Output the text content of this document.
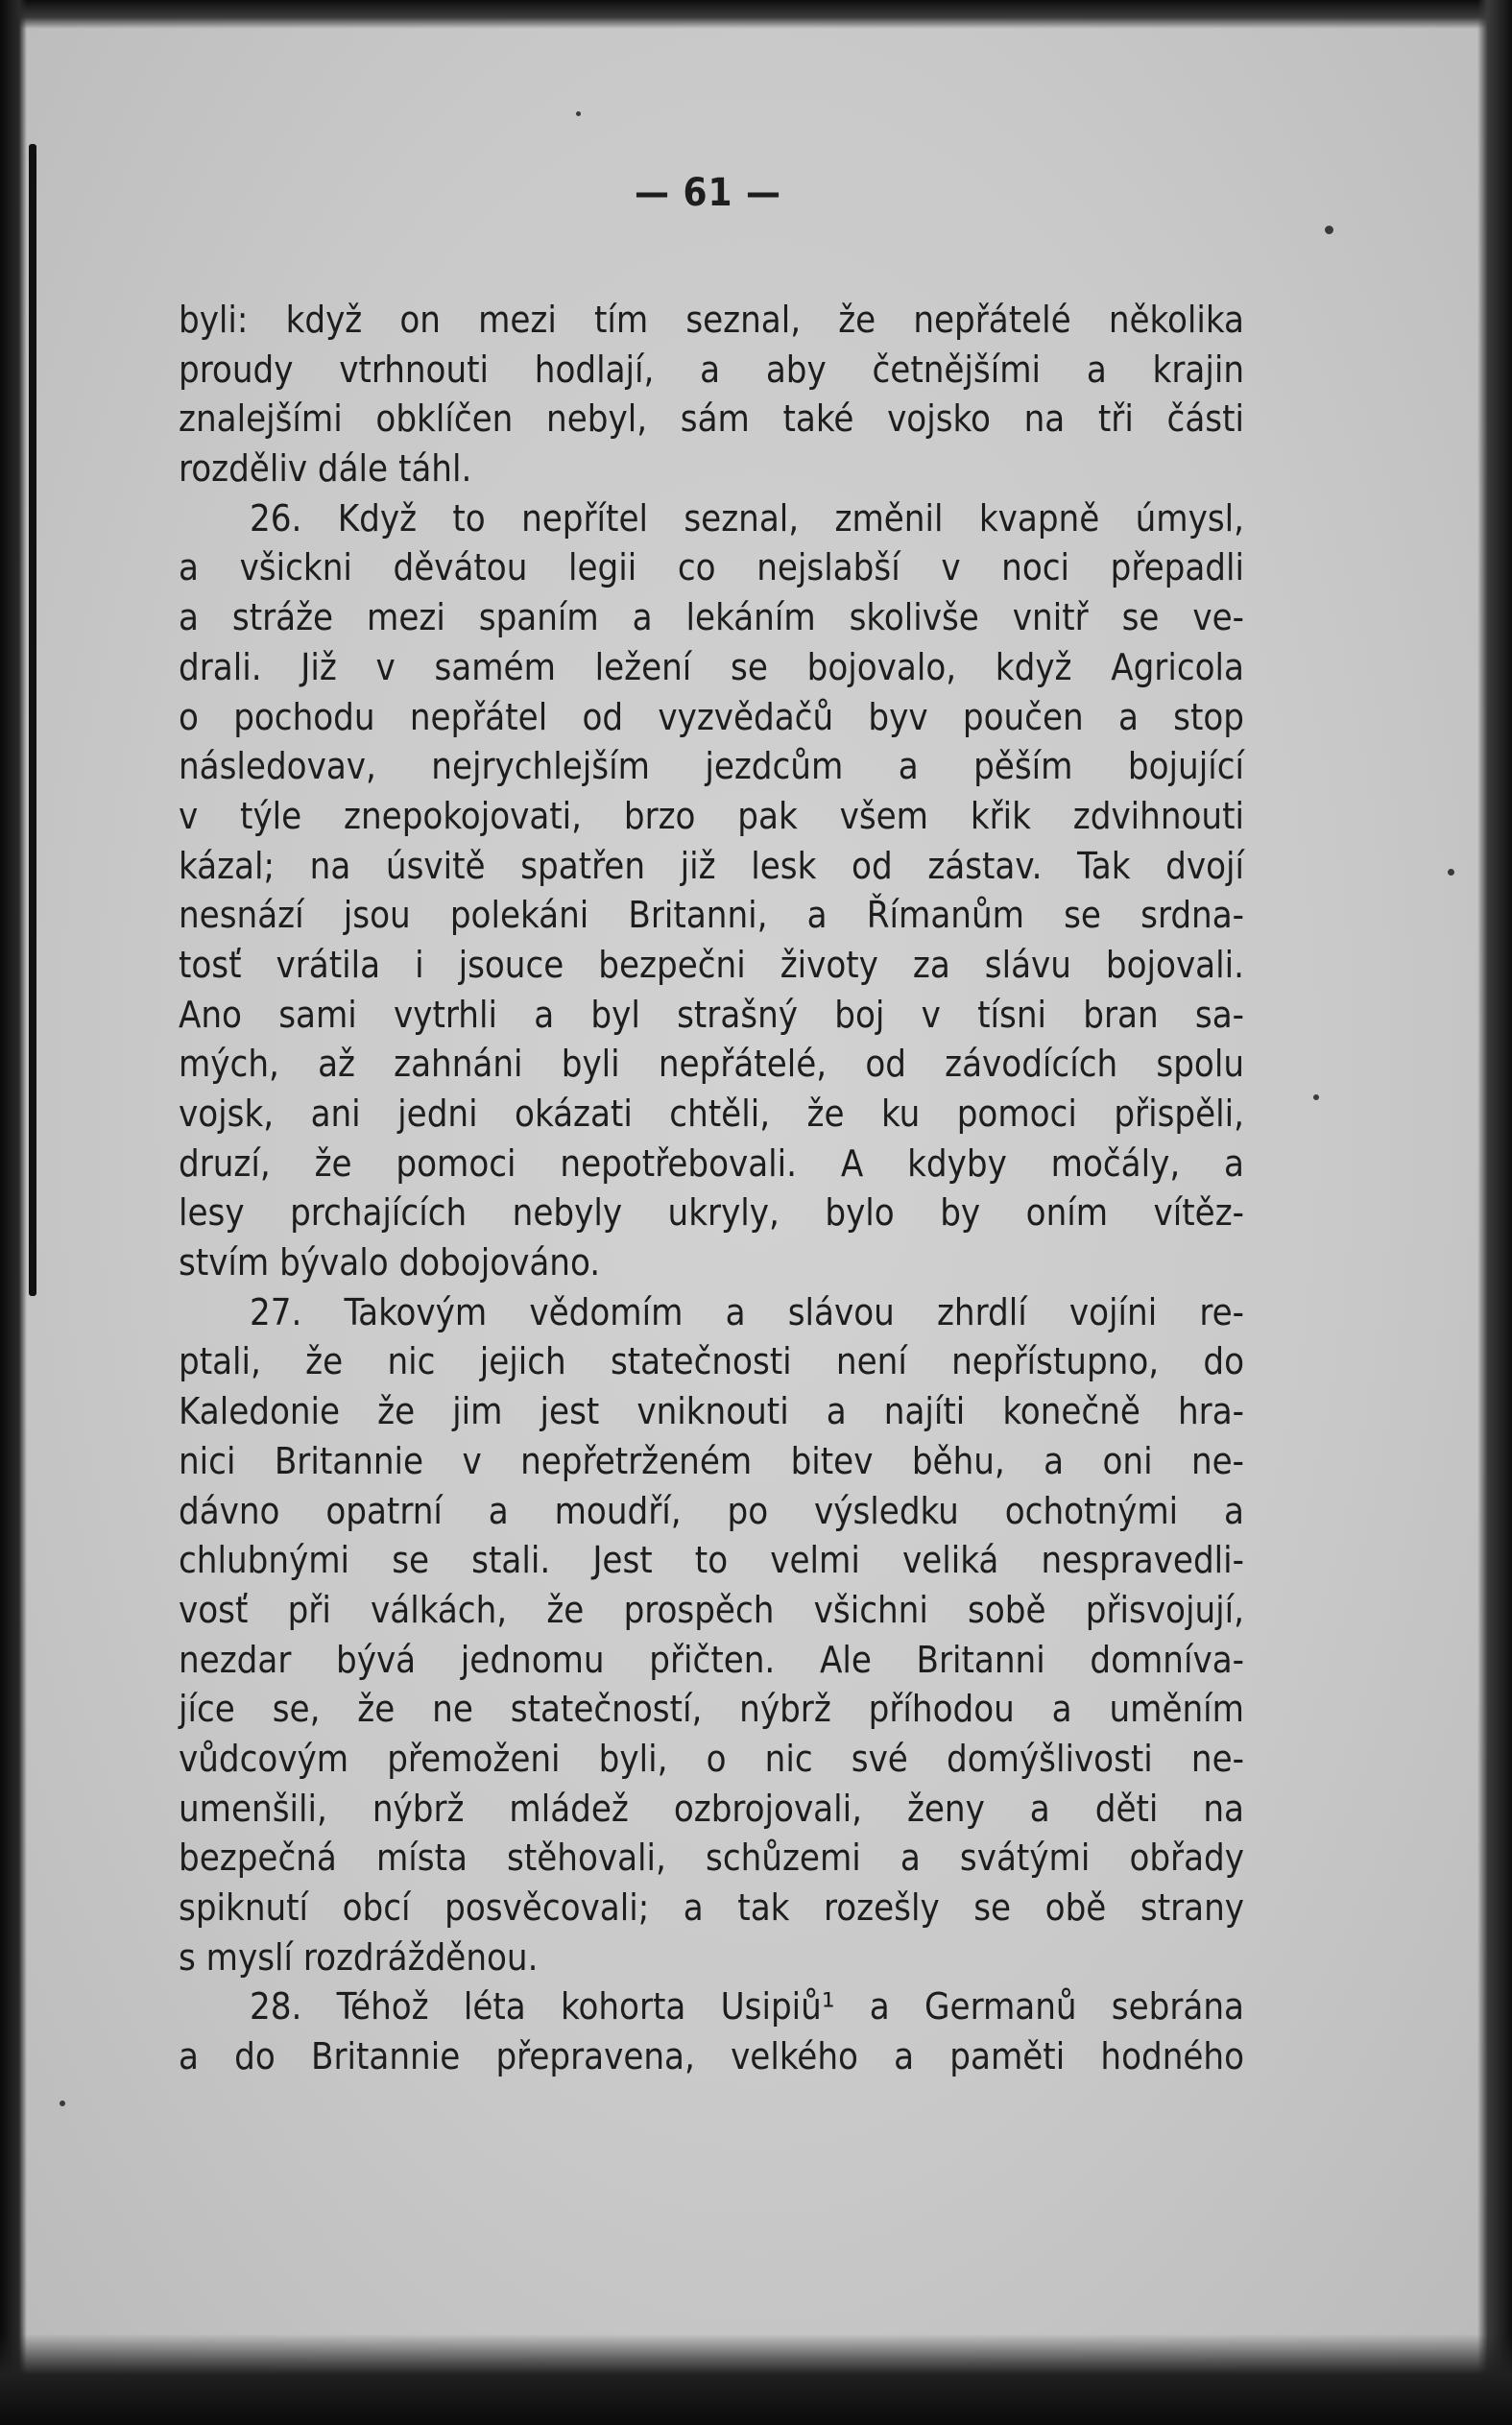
— 61 —
byli: když on mezi tím seznal, že nepřátelé několika
proudy vtrhnouti hodlají, a aby četnějšími a krajin
znalejšími obklíčen nebyl, sám také vojsko na tři části
rozděliv dále táhl.
26. Když to nepřítel seznal, změnil kvapně úmysl,
a všickni děvátou legii co nejslabší v noci přepadli
a stráže mezi spaním a lekáním skolivše vnitř se ve-
drali. Již v samém ležení se bojovalo, když Agricola
o pochodu nepřátel od vyzvědačů byv poučen a stop
následovav, nejrychlejším jezdcům a pěším bojující
v týle znepokojovati, brzo pak všem křik zdvihnouti
kázal; na úsvitě spatřen již lesk od zástav. Tak dvojí
nesnází jsou polekáni Britanni, a Římanům se srdna-
tosť vrátila i jsouce bezpečni životy za slávu bojovali.
Ano sami vytrhli a byl strašný boj v tísni bran sa-
mých, až zahnáni byli nepřátelé, od závodících spolu
vojsk, ani jedni okázati chtěli, že ku pomoci přispěli,
druzí, že pomoci nepotřebovali. A kdyby močály, a
lesy prchajících nebyly ukryly, bylo by oním vítěz-
stvím bývalo dobojováno.
27. Takovým vědomím a slávou zhrdlí vojíni re-
ptali, že nic jejich statečnosti není nepřístupno, do
Kaledonie že jim jest vniknouti a najíti konečně hra-
nici Britannie v nepřetrženém bitev běhu, a oni ne-
dávno opatrní a moudří, po výsledku ochotnými a
chlubnými se stali. Jest to velmi veliká nespravedli-
vosť při válkách, že prospěch všichni sobě přisvojují,
nezdar bývá jednomu přičten. Ale Britanni domníva-
jíce se, že ne statečností, nýbrž příhodou a uměním
vůdcovým přemoženi byli, o nic své domýšlivosti ne-
umenšili, nýbrž mládež ozbrojovali, ženy a děti na
bezpečná místa stěhovali, schůzemi a svátými obřady
spiknutí obcí posvěcovali; a tak rozešly se obě strany
s myslí rozdrážděnou.
28. Téhož léta kohorta Usipiů¹ a Germanů sebrána
a do Britannie přepravena, velkého a paměti hodného
